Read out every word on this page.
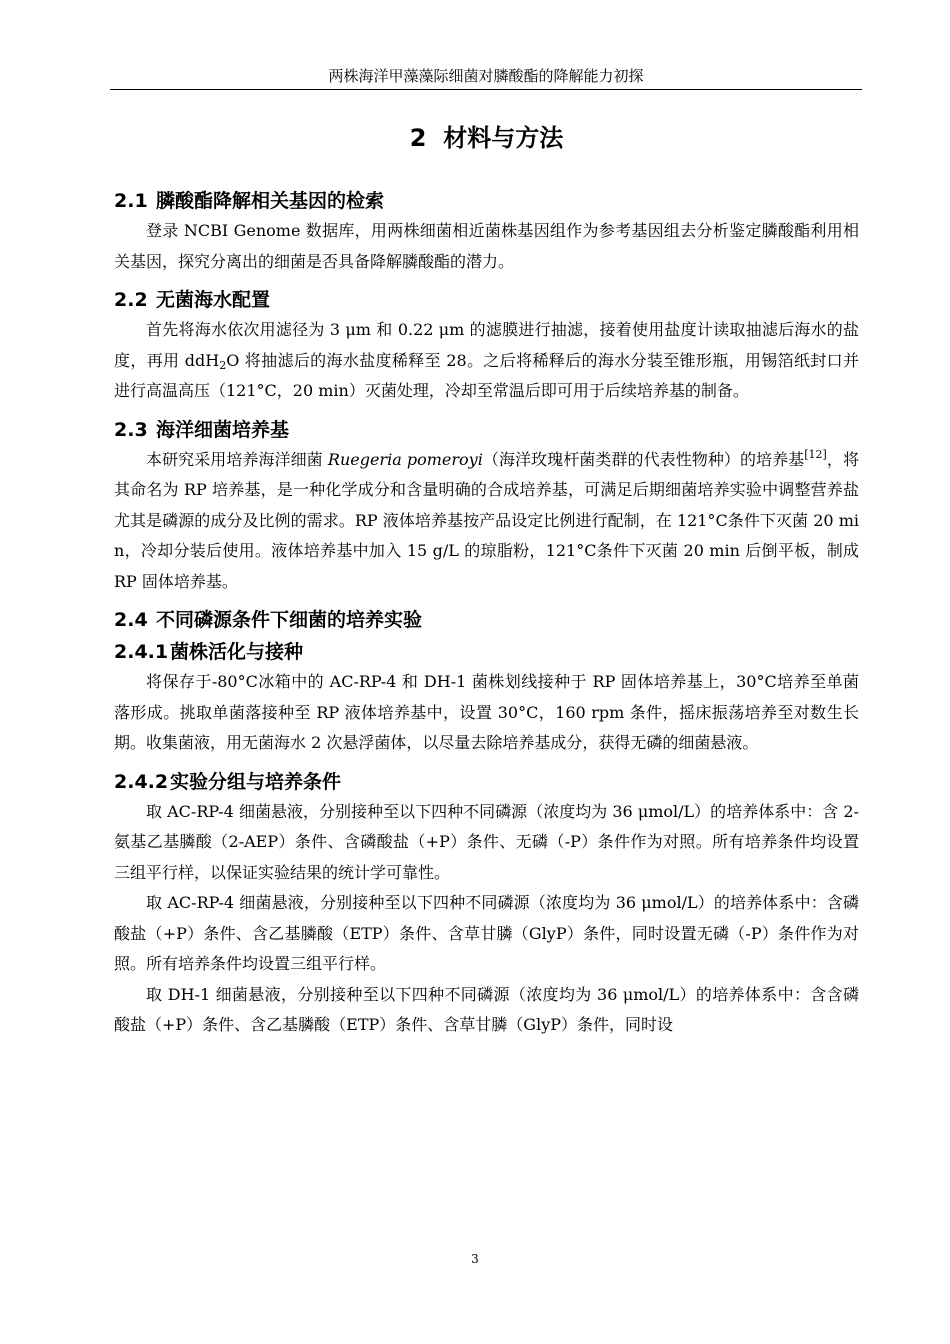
两株海洋甲藻藻际细菌对膦酸酯的降解能力初探
2 材料与方法
2.1 膦酸酯降解相关基因的检索

登录 NCBI Genome 数据库，用两株细菌相近菌株基因组作为参考基因组去分析鉴定膦酸酯利用相关基因，探究分离出的细菌是否具备降解膦酸酯的潜力。

2.2 无菌海水配置

首先将海水依次用滤径为 3 μm 和 0.22 μm 的滤膜进行抽滤，接着使用盐度计读取抽滤后海水的盐度，再用 ddH$_2$O 将抽滤后的海水盐度稀释至 28。之后将稀释后的海水分装至锥形瓶，用锡箔纸封口并进行高温高压（121°C，20 min）灭菌处理，冷却至常温后即可用于后续培养基的制备。

2.3 海洋细菌培养基

本研究采用培养海洋细菌 Ruegeria pomeroyi（海洋玫瑰杆菌类群的代表性物种）的培养基[12]，将其命名为 RP 培养基，是一种化学成分和含量明确的合成培养基，可满足后期细菌培养实验中调整营养盐尤其是磷源的成分及比例的需求。RP 液体培养基按产品设定比例进行配制，在 121°C条件下灭菌 20 min，冷却分装后使用。液体培养基中加入 15 g/L 的琼脂粉，121°C条件下灭菌 20 min 后倒平板，制成 RP 固体培养基。

2.4 不同磷源条件下细菌的培养实验
2.4.1菌株活化与接种

将保存于-80°C冰箱中的 AC-RP-4 和 DH-1 菌株划线接种于 RP 固体培养基上，30°C培养至单菌落形成。挑取单菌落接种至 RP 液体培养基中，设置 30°C，160 rpm 条件，摇床振荡培养至对数生长期。收集菌液，用无菌海水 2 次悬浮菌体，以尽量去除培养基成分，获得无磷的细菌悬液。

2.4.2实验分组与培养条件

取 AC-RP-4 细菌悬液，分别接种至以下四种不同磷源（浓度均为 36 μmol/L）的培养体系中：含 2-氨基乙基膦酸（2-AEP）条件、含磷酸盐（+P）条件、无磷（-P）条件作为对照。所有培养条件均设置三组平行样，以保证实验结果的统计学可靠性。

取 AC-RP-4 细菌悬液，分别接种至以下四种不同磷源（浓度均为 36 μmol/L）的培养体系中：含磷酸盐（+P）条件、含乙基膦酸（ETP）条件、含草甘膦（GlyP）条件，同时设置无磷（-P）条件作为对照。所有培养条件均设置三组平行样。

取 DH-1 细菌悬液，分别接种至以下四种不同磷源（浓度均为 36 μmol/L）的培养体系中：含含磷酸盐（+P）条件、含乙基膦酸（ETP）条件、含草甘膦（GlyP）条件，同时设

3
